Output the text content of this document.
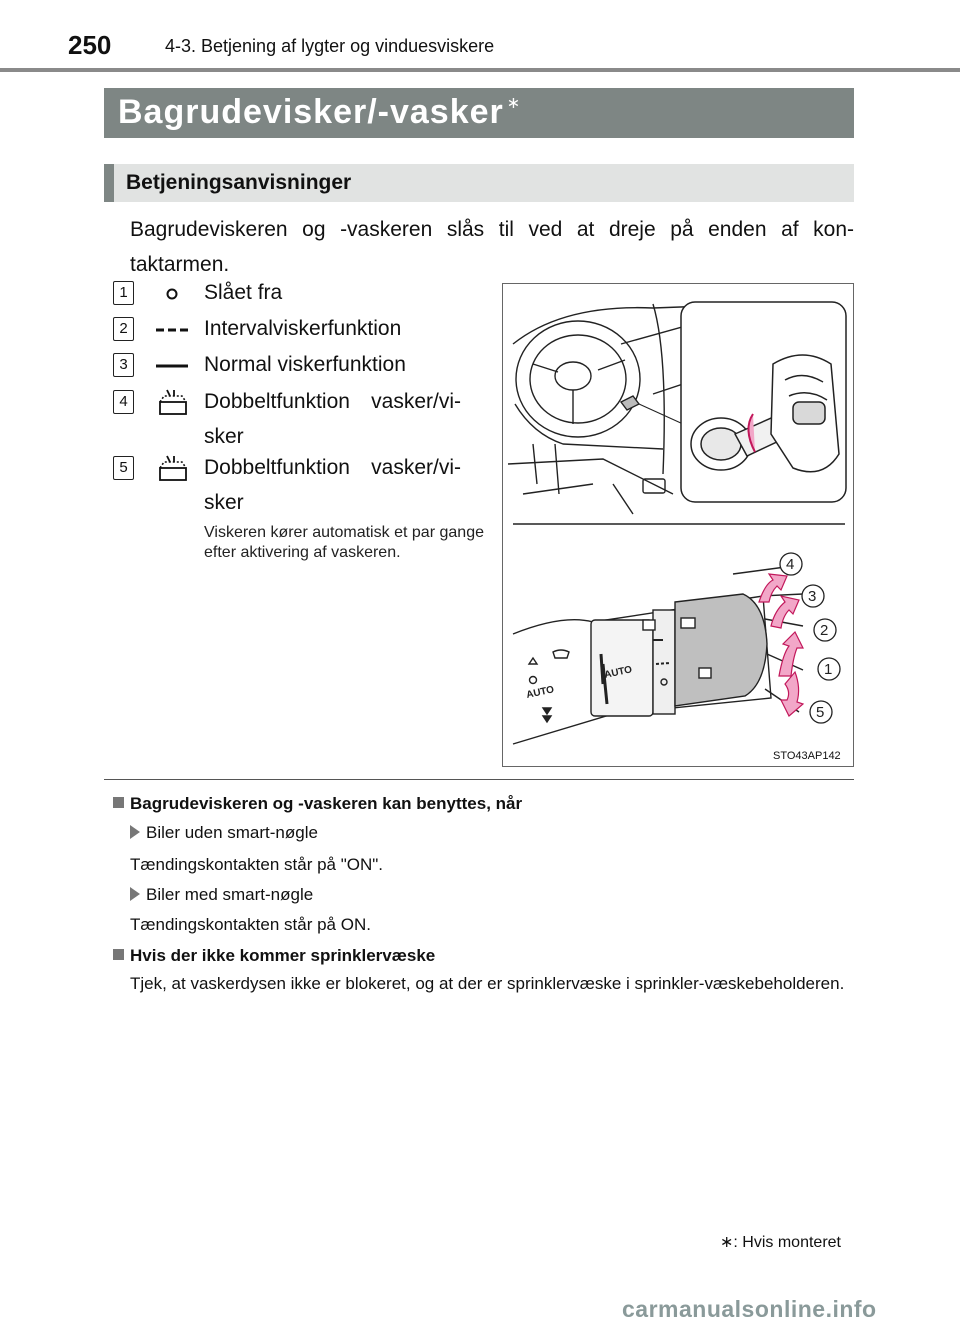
250	4-3. Betjening af lygter og vinduesviskere
Bagrudevisker/-vasker ∗
Betjeningsanvisninger
Bagrudeviskeren og -vaskeren slås til ved at dreje på enden af kon-
taktarmen.
1	Slået fra
2	Intervalviskerfunktion
3	Normal viskerfunktion
4	Dobbeltfunktion vasker/vi-
sker
5	Dobbeltfunktion vasker/vi-
sker
Viskeren kører automatisk et par gange efter aktivering af vaskeren.
AUTO
AUTO
4
3
2
1
5
STO43AP142
Bagrudeviskeren og -vaskeren kan benyttes, når
Biler uden smart-nøgle
Tændingskontakten står på "ON".
Biler med smart-nøgle
Tændingskontakten står på ON.
Hvis der ikke kommer sprinklervæske
Tjek, at vaskerdysen ikke er blokeret, og at der er sprinklervæske i sprinkler-væskebeholderen.
∗: Hvis monteret
carmanualsonline.info
